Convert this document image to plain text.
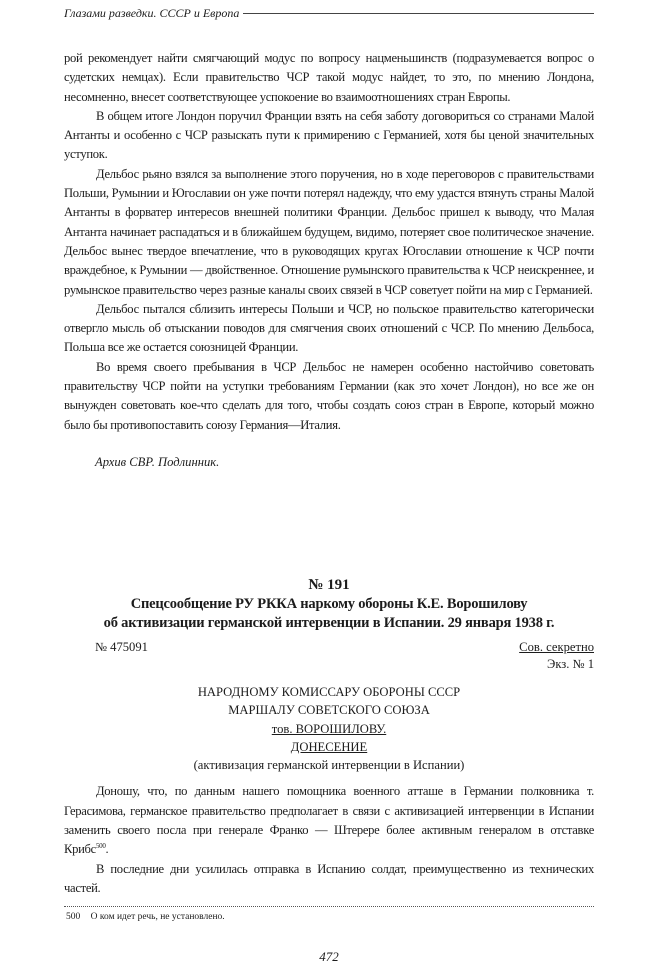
Глазами разведки. СССР и Европа

рой рекомендует найти смягчающий модус по вопросу нацменьшинств (подразумевается вопрос о судетских немцах). Если правительство ЧСР такой модус найдет, то это, по мнению Лондона, несомненно, внесет соответствующее успокоение во взаимоотношениях стран Европы.

В общем итоге Лондон поручил Франции взять на себя заботу договориться со странами Малой Антанты и особенно с ЧСР разыскать пути к примирению с Германией, хотя бы ценой значительных уступок.

Дельбос рьяно взялся за выполнение этого поручения, но в ходе переговоров с правительствами Польши, Румынии и Югославии он уже почти потерял надежду, что ему удастся втянуть страны Малой Антанты в форватер интересов внешней политики Франции. Дельбос пришел к выводу, что Малая Антанта начинает распадаться и в ближайшем будущем, видимо, потеряет свое политическое значение. Дельбос вынес твердое впечатление, что в руководящих кругах Югославии отношение к ЧСР почти враждебное, к Румынии — двойственное. Отношение румынского правительства к ЧСР неискреннее, и румынское правительство через разные каналы своих связей в ЧСР советует пойти на мир с Германией.

Дельбос пытался сблизить интересы Польши и ЧСР, но польское правительство категорически отвергло мысль об отыскании поводов для смягчения своих отношений с ЧСР. По мнению Дельбоса, Польша все же остается союзницей Франции.

Во время своего пребывания в ЧСР Дельбос не намерен особенно настойчиво советовать правительству ЧСР пойти на уступки требованиям Германии (как это хочет Лондон), но все же он вынужден советовать кое-что сделать для того, чтобы создать союз стран в Европе, который можно было бы противопоставить союзу Германия—Италия.

Архив СВР. Подлинник.
№ 191
Спецсообщение РУ РККА наркому обороны К.Е. Ворошилову
об активизации германской интервенции в Испании. 29 января 1938 г.
№ 475091	Сов. секретно
Экз. № 1
НАРОДНОМУ КОМИССАРУ ОБОРОНЫ СССР
МАРШАЛУ СОВЕТСКОГО СОЮЗА
тов. ВОРОШИЛОВУ.
ДОНЕСЕНИЕ
(активизация германской интервенции в Испании)

Доношу, что, по данным нашего помощника военного атташе в Германии полковника т. Герасимова, германское правительство предполагает в связи с активизацией интервенции в Испании заменить своего посла при генерале Франко — Штерере более активным генералом в отставке Крибс$^{500}$.

В последние дни усилилась отправка в Испанию солдат, преимущественно из технических частей.

500 О ком идет речь, не установлено.
472
